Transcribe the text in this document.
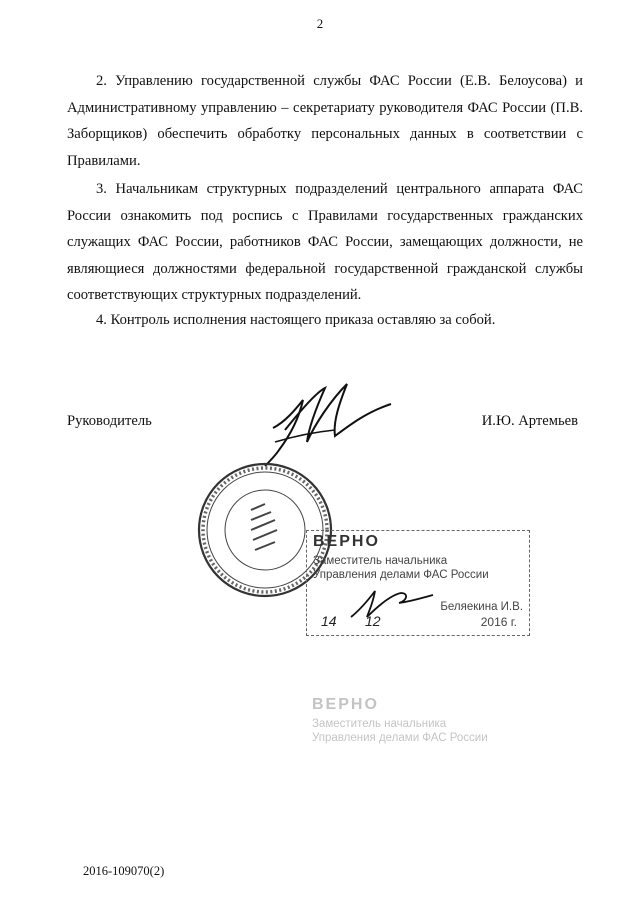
2

2. Управлению государственной службы ФАС России (Е.В. Белоусова) и Административному управлению – секретариату руководителя ФАС России (П.В. Заборщиков) обеспечить обработку персональных данных в соответствии с Правилами.

3. Начальникам структурных подразделений центрального аппарата ФАС России ознакомить под роспись с Правилами государственных гражданских служащих ФАС России, работников ФАС России, замещающих должности, не являющиеся должностями федеральной государственной гражданской службы соответствующих структурных подразделений.

4. Контроль исполнения настоящего приказа оставляю за собой.

Руководитель	И.Ю. Артемьев
ВЕРНО
Заместитель начальника
Управления делами ФАС России
Беляекина И.В.
14 12	2016 г.
ВЕРНО
Заместитель начальника
Управления делами ФАС России
2016-109070(2)
